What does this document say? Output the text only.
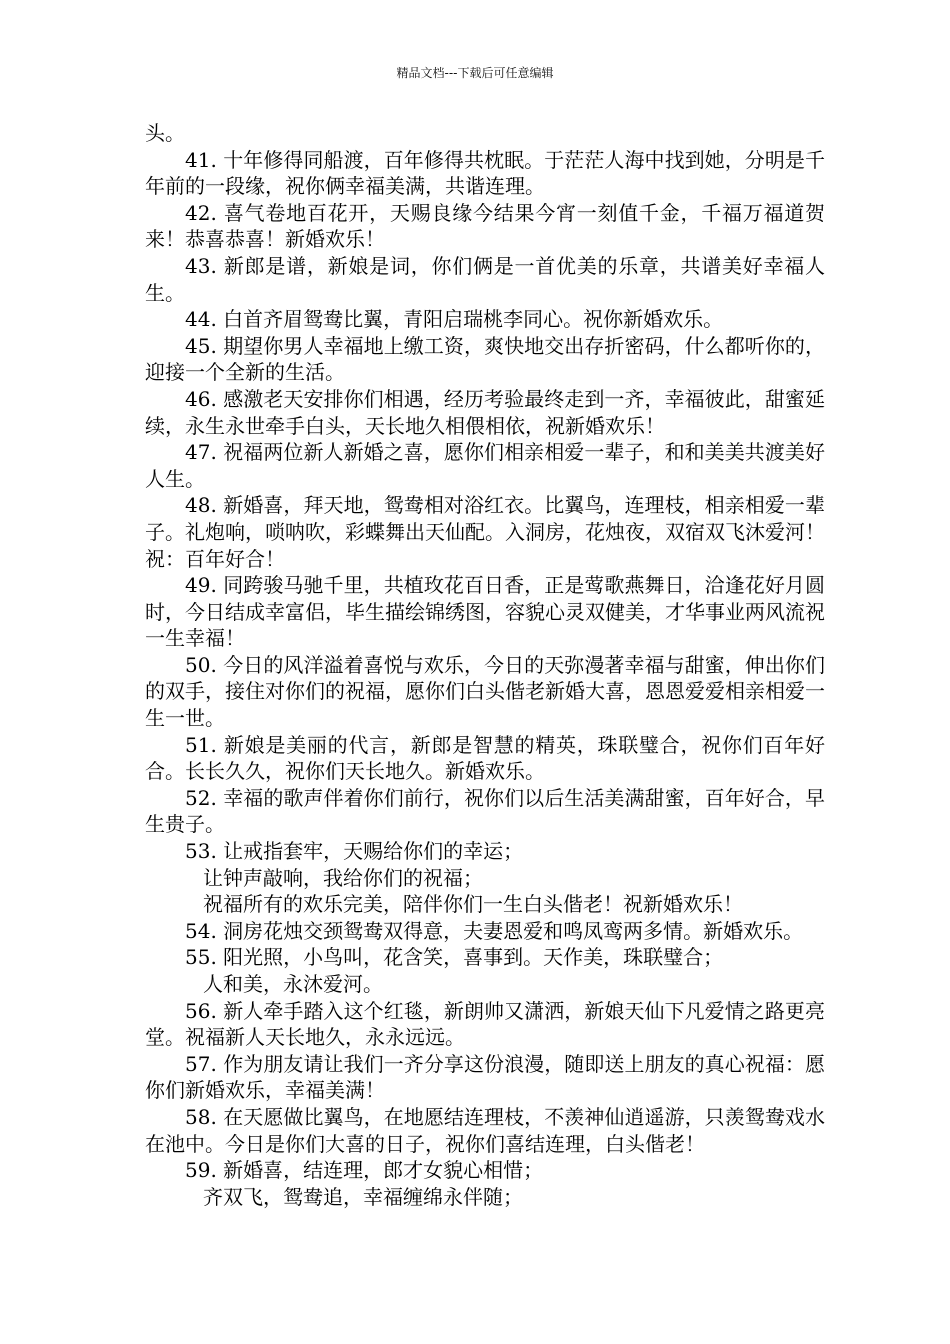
精品文档---下载后可任意编辑

头。

41. 十年修得同船渡，百年修得共枕眠。于茫茫人海中找到她，分明是千年前的一段缘，祝你俩幸福美满，共谐连理。

42. 喜气卷地百花开，天赐良缘今结果今宵一刻值千金，千福万福道贺来！恭喜恭喜！新婚欢乐！

43. 新郎是谱，新娘是词，你们俩是一首优美的乐章，共谱美好幸福人生。

44. 白首齐眉鸳鸯比翼，青阳启瑞桃李同心。祝你新婚欢乐。

45. 期望你男人幸福地上缴工资，爽快地交出存折密码，什么都听你的，迎接一个全新的生活。

46. 感激老天安排你们相遇，经历考验最终走到一齐，幸福彼此，甜蜜延续，永生永世牵手白头，天长地久相偎相依，祝新婚欢乐！

47. 祝福两位新人新婚之喜，愿你们相亲相爱一辈子，和和美美共渡美好人生。

48. 新婚喜，拜天地，鸳鸯相对浴红衣。比翼鸟，连理枝，相亲相爱一辈子。礼炮响，唢呐吹，彩蝶舞出天仙配。入洞房，花烛夜，双宿双飞沐爱河！祝：百年好合！

49. 同跨骏马驰千里，共植玫花百日香，正是莺歌燕舞日，洽逢花好月圆时，今日结成幸富侣，毕生描绘锦绣图，容貌心灵双健美，才华事业两风流祝一生幸福！

50. 今日的风洋溢着喜悦与欢乐，今日的天弥漫著幸福与甜蜜，伸出你们的双手，接住对你们的祝福，愿你们白头偕老新婚大喜，恩恩爱爱相亲相爱一生一世。

51. 新娘是美丽的代言，新郎是智慧的精英，珠联璧合，祝你们百年好合。长长久久，祝你们天长地久。新婚欢乐。

52. 幸福的歌声伴着你们前行，祝你们以后生活美满甜蜜，百年好合，早生贵子。

53. 让戒指套牢，天赐给你们的幸运；

让钟声敲响，我给你们的祝福；

祝福所有的欢乐完美，陪伴你们一生白头偕老！祝新婚欢乐！

54. 洞房花烛交颈鸳鸯双得意，夫妻恩爱和鸣凤鸾两多情。新婚欢乐。

55. 阳光照，小鸟叫，花含笑，喜事到。天作美，珠联璧合；

人和美，永沐爱河。

56. 新人牵手踏入这个红毯，新朗帅又潇洒，新娘天仙下凡爱情之路更亮堂。祝福新人天长地久，永永远远。

57. 作为朋友请让我们一齐分享这份浪漫，随即送上朋友的真心祝福：愿你们新婚欢乐，幸福美满！

58. 在天愿做比翼鸟，在地愿结连理枝，不羡神仙逍遥游，只羡鸳鸯戏水在池中。今日是你们大喜的日子，祝你们喜结连理，白头偕老！

59. 新婚喜，结连理，郎才女貌心相惜；

齐双飞，鸳鸯追，幸福缠绵永伴随；
